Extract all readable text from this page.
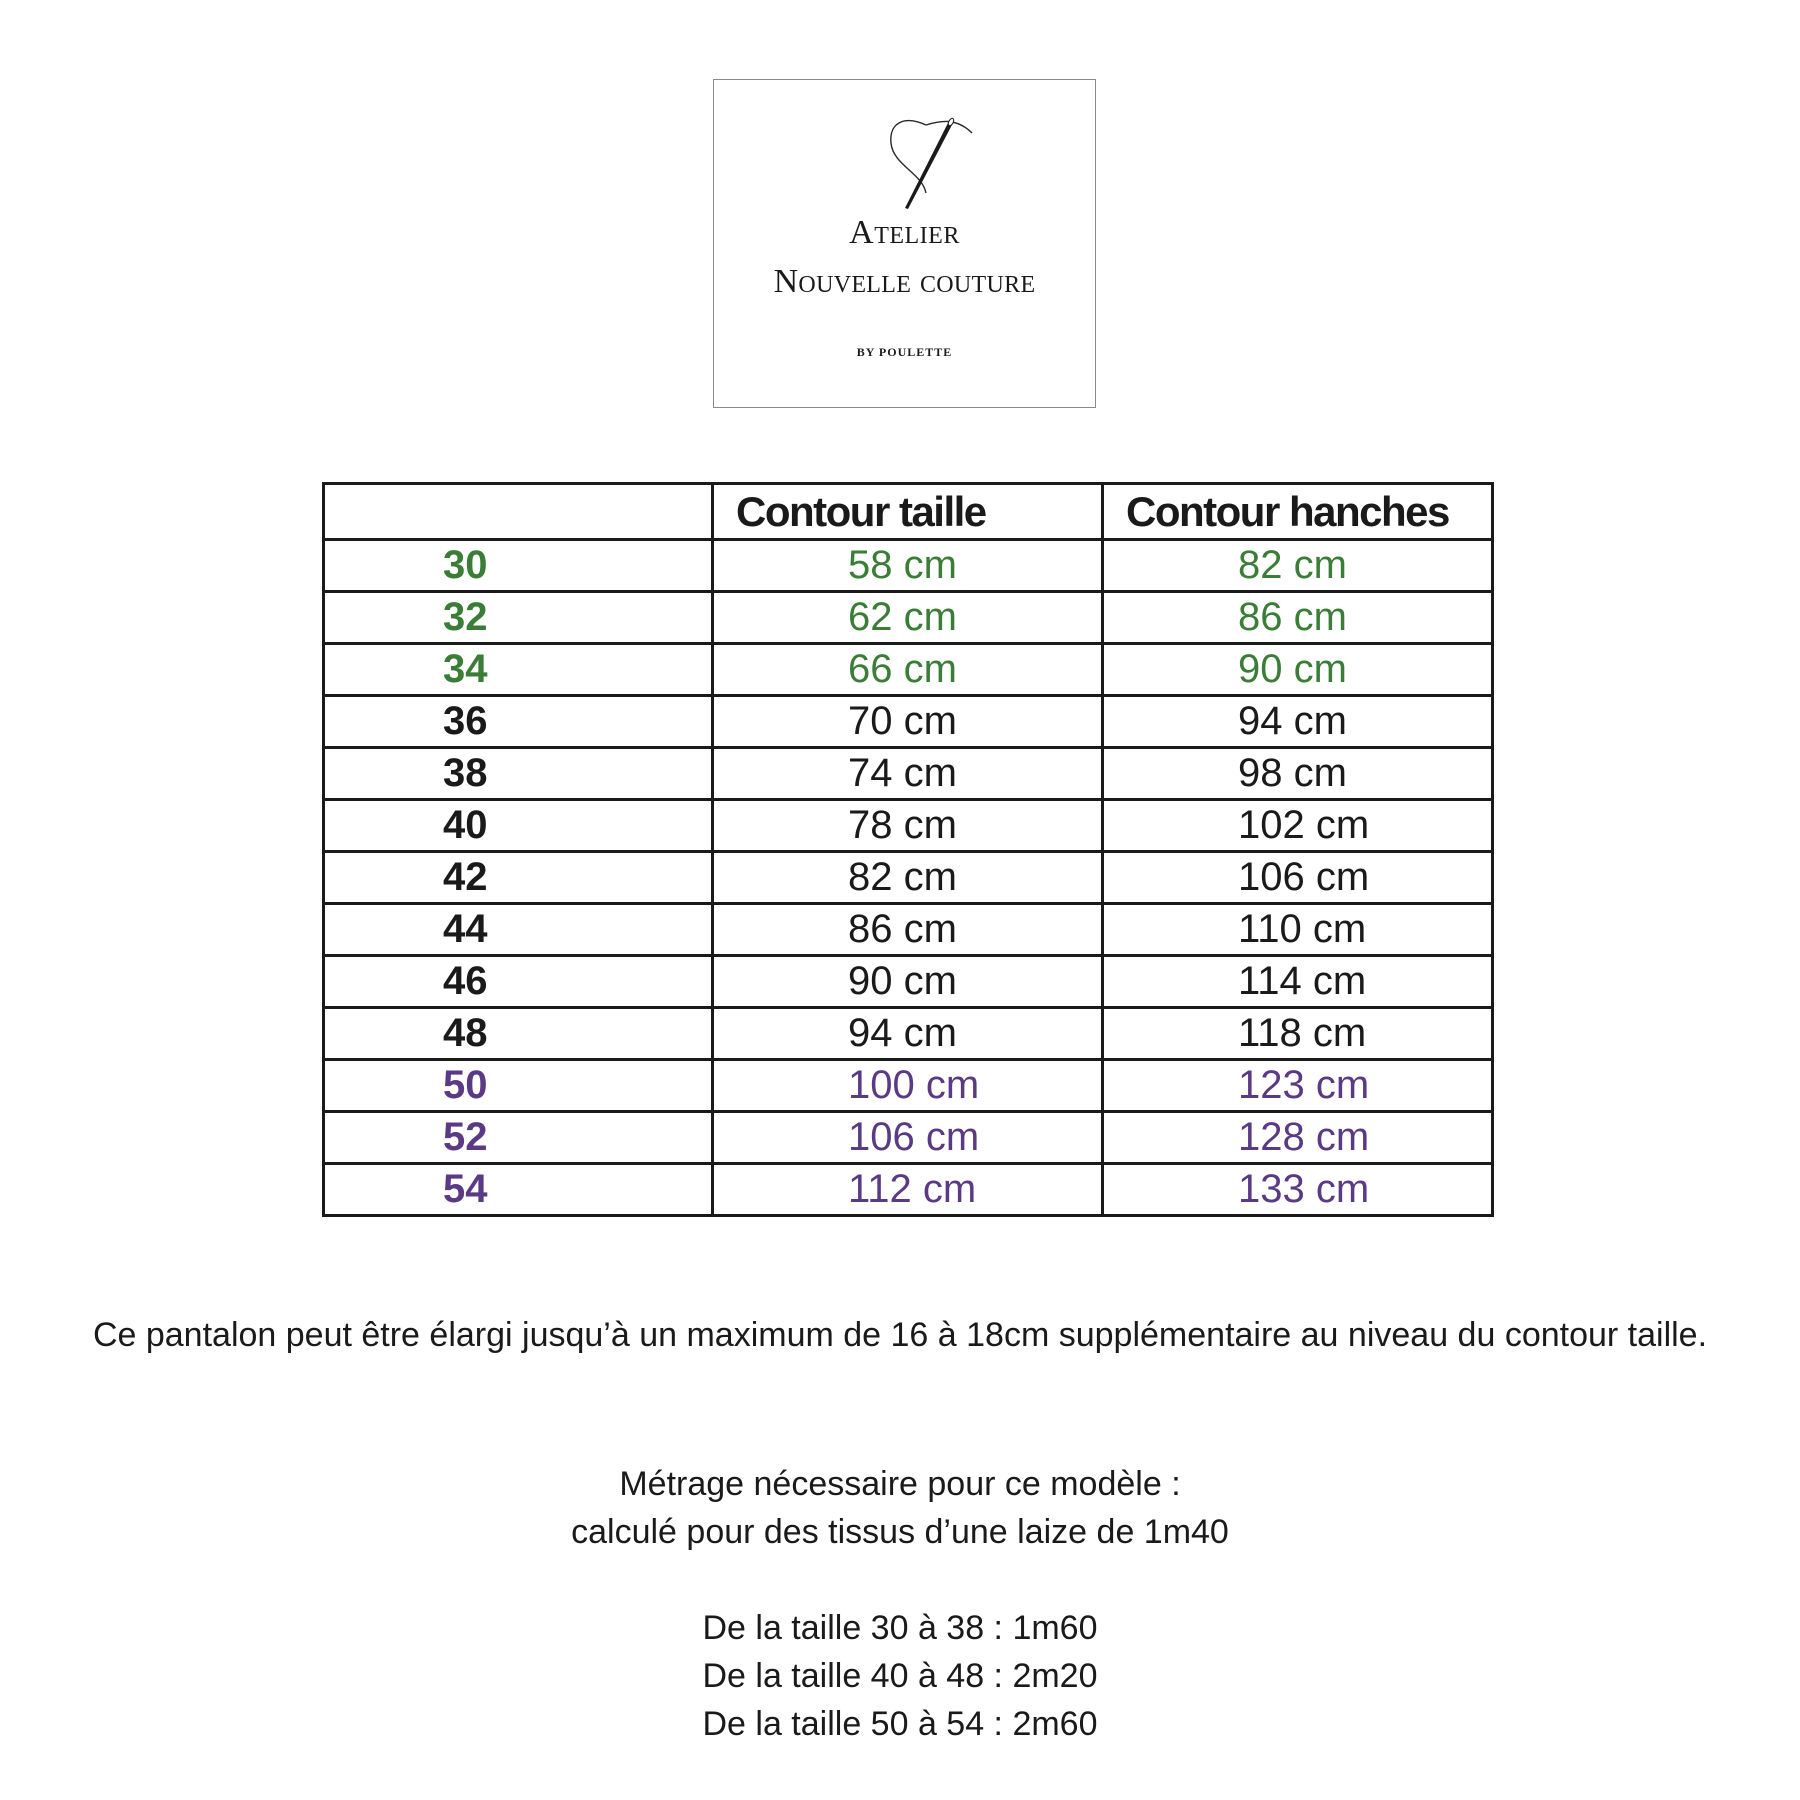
Atelier
Nouvelle couture
BY POULETTE
	Contour taille	Contour hanches
30	58 cm	82 cm
32	62 cm	86 cm
34	66 cm	90 cm
36	70 cm	94 cm
38	74 cm	98 cm
40	78 cm	102 cm
42	82 cm	106 cm
44	86 cm	110 cm
46	90 cm	114 cm
48	94 cm	118 cm
50	100 cm	123 cm
52	106 cm	128 cm
54	112 cm	133 cm
Ce pantalon peut être élargi jusqu’à un maximum de 16 à 18cm supplémentaire au niveau du contour taille.
Métrage nécessaire pour ce modèle :
calculé pour des tissus d’une laize de 1m40
De la taille 30 à 38 : 1m60
De la taille 40 à 48 : 2m20
De la taille 50 à 54 : 2m60
